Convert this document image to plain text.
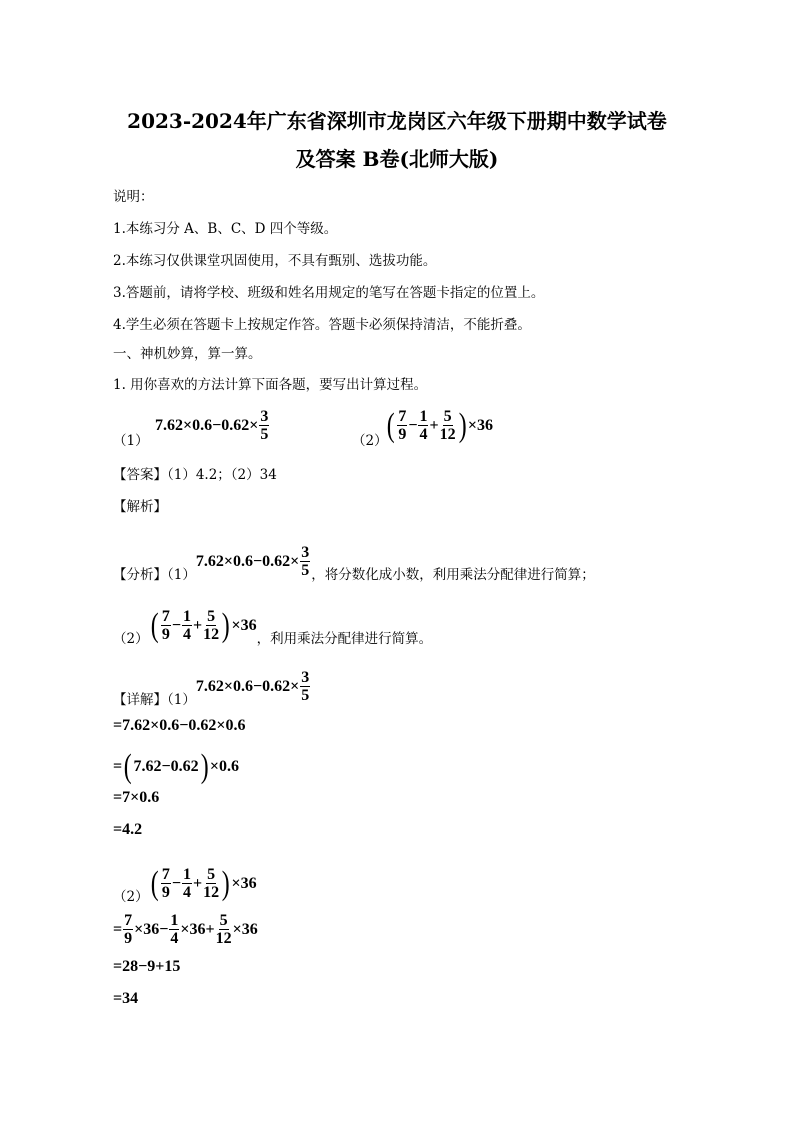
2023-2024年广东省深圳市龙岗区六年级下册期中数学试卷
及答案 B卷(北师大版)
说明：
1.本练习分 A、B、C、D 四个等级。
2.本练习仅供课堂巩固使用，不具有甄别、选拔功能。
3.答题前，请将学校、班级和姓名用规定的笔写在答题卡指定的位置上。
4.学生必须在答题卡上按规定作答。答题卡必须保持清洁，不能折叠。
一、神机妙算，算一算。
1. 用你喜欢的方法计算下面各题，要写出计算过程。
（1）
$7.62\times 0.6-0.62\times \frac{3}{5}$	（2） ( $\frac{7}{9} - \frac{1}{4} + \frac{5}{12}$ ) ×36
【答案】（1）4.2；（2）34
【解析】
【分析】（1）
$7.62\times 0.6-0.62\times \frac{3}{5}$ ，将分数化成小数，利用乘法分配律进行简算；
（2） ( $\frac{7}{9} - \frac{1}{4} + \frac{5}{12}$ ) ×36
，利用乘法分配律进行简算。
【详解】（1）
$7.62\times 0.6-0.62\times \frac{3}{5}$
=7.62×0.6−0.62×0.6
= ( 7.62−0.62 ) ×0.6
=7×0.6
=4.2
（2） ( $\frac{7}{9} - \frac{1}{4} + \frac{5}{12}$ ) ×36
= $\frac{7}{9} \times 36- \frac{1}{4} \times 36+ \frac{5}{12} \times 36$
=28−9+15
=34
